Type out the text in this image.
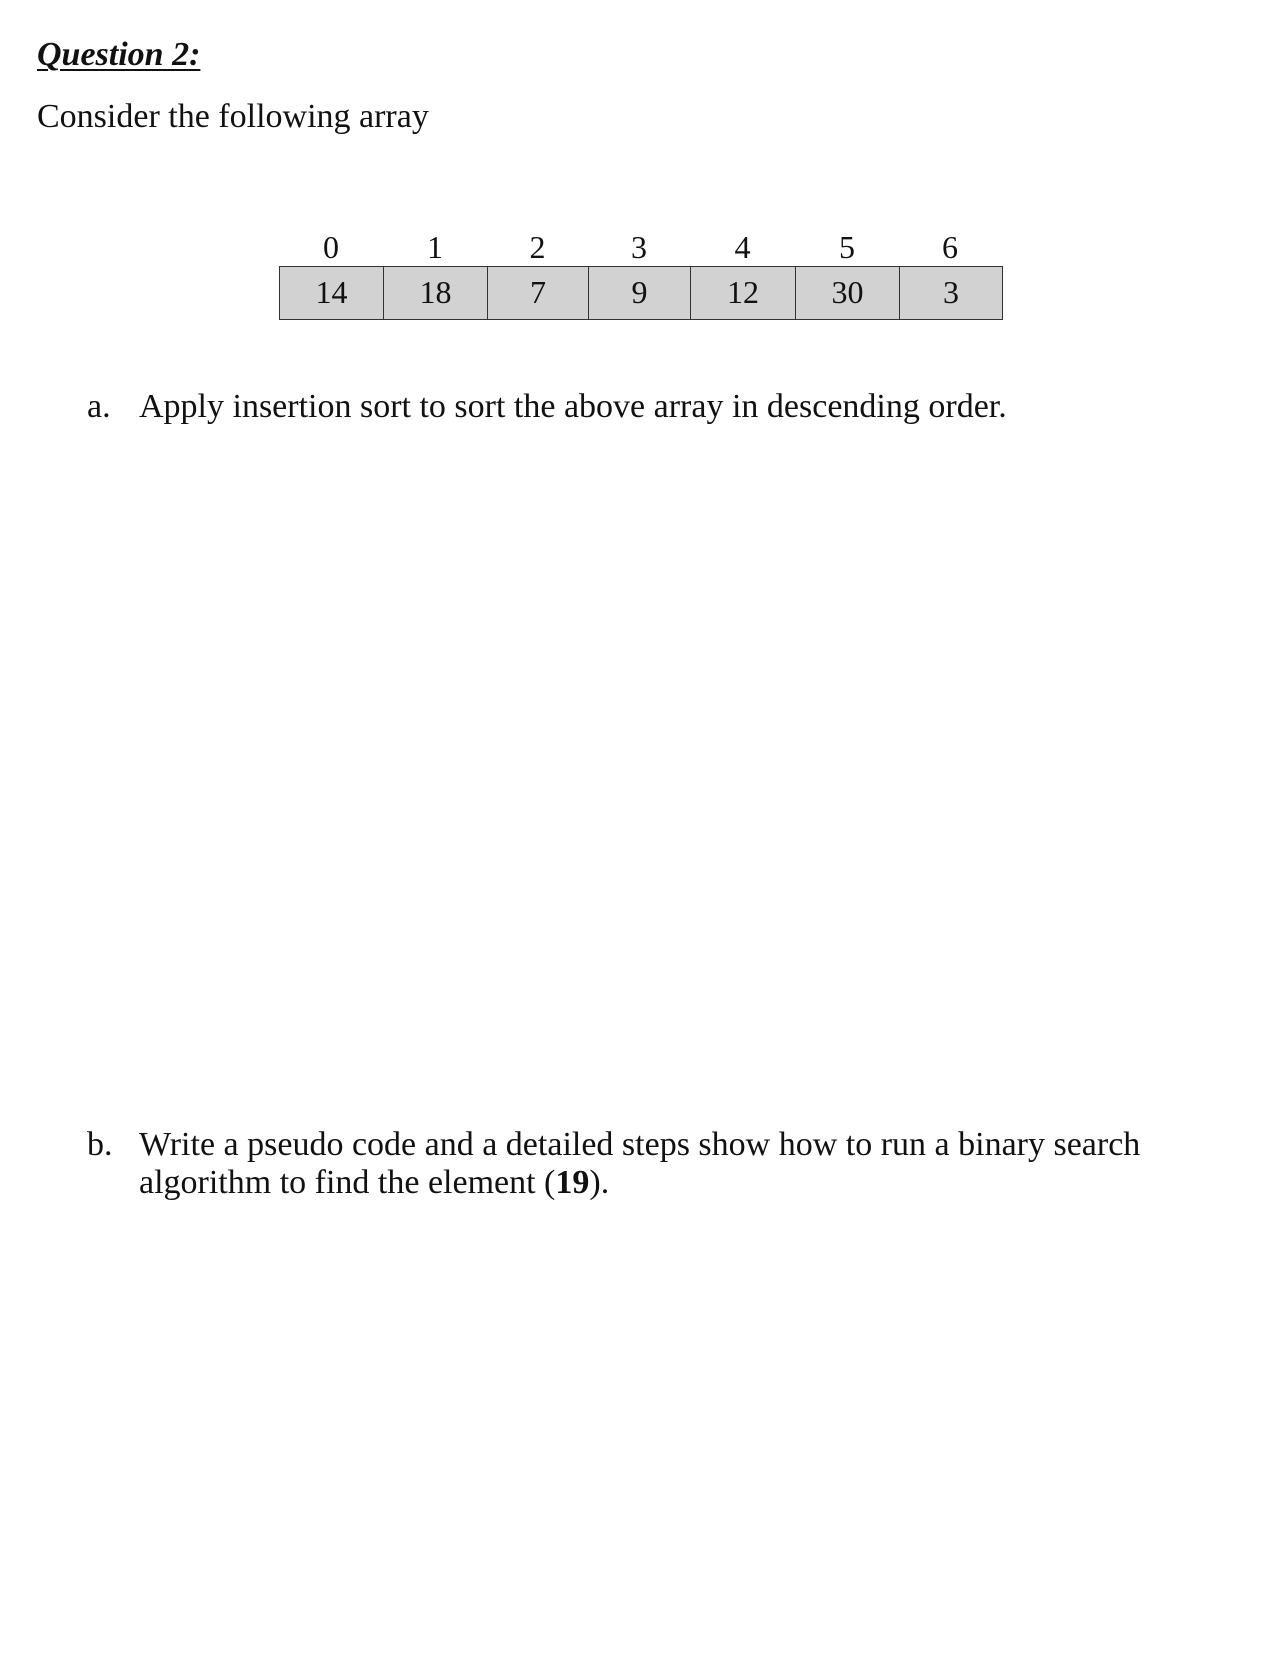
Question 2:

Consider the following array

0	1	2	3	4	5	6
14	18	7	9	12	30	3
a. Apply insertion sort to sort the above array in descending order.
b. Write a pseudo code and a detailed steps show how to run a binary search algorithm to find the element (19).
